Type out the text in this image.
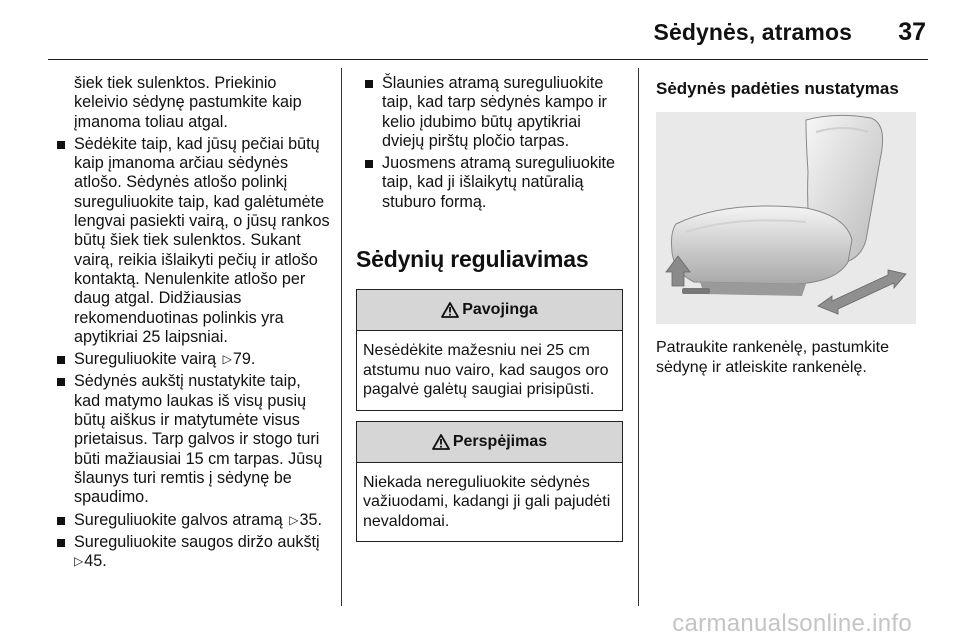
Sėdynės, atramos 37

šiek tiek sulenktos. Priekinio keleivio sėdynę pastumkite kaip įmanoma toliau atgal.

Sėdėkite taip, kad jūsų pečiai būtų kaip įmanoma arčiau sėdynės atlošo. Sėdynės atlošo polinkį sureguliuokite taip, kad galėtumėte lengvai pasiekti vairą, o jūsų rankos būtų šiek tiek sulenktos. Sukant vairą, reikia išlaikyti pečių ir atlošo kontaktą. Nenulenkite atlošo per daug atgal. Didžiausias rekomenduotinas polinkis yra apytikriai 25 laipsniai.
Sureguliuokite vairą ▷79.
Sėdynės aukštį nustatykite taip, kad matymo laukas iš visų pusių būtų aiškus ir matytumėte visus prietaisus. Tarp galvos ir stogo turi būti mažiausiai 15 cm tarpas. Jūsų šlaunys turi remtis į sėdynę be spaudimo.
Sureguliuokite galvos atramą ▷35.
Sureguliuokite saugos diržo aukštį
▷45.
Šlaunies atramą sureguliuokite taip, kad tarp sėdynės kampo ir kelio įdubimo būtų apytikriai dviejų pirštų pločio tarpas.
Juosmens atramą sureguliuokite taip, kad ji išlaikytų natūralią stuburo formą.
Sėdynių reguliavimas
Pavojinga
Nesėdėkite mažesniu nei 25 cm atstumu nuo vairo, kad saugos oro pagalvė galėtų saugiai prisipūsti.
Perspėjimas
Niekada nereguliuokite sėdynės važiuodami, kadangi ji gali pajudėti nevaldomai.
Sėdynės padėties nustatymas

Patraukite rankenėlę, pastumkite sėdynę ir atleiskite rankenėlę.

carmanualsonline.info
